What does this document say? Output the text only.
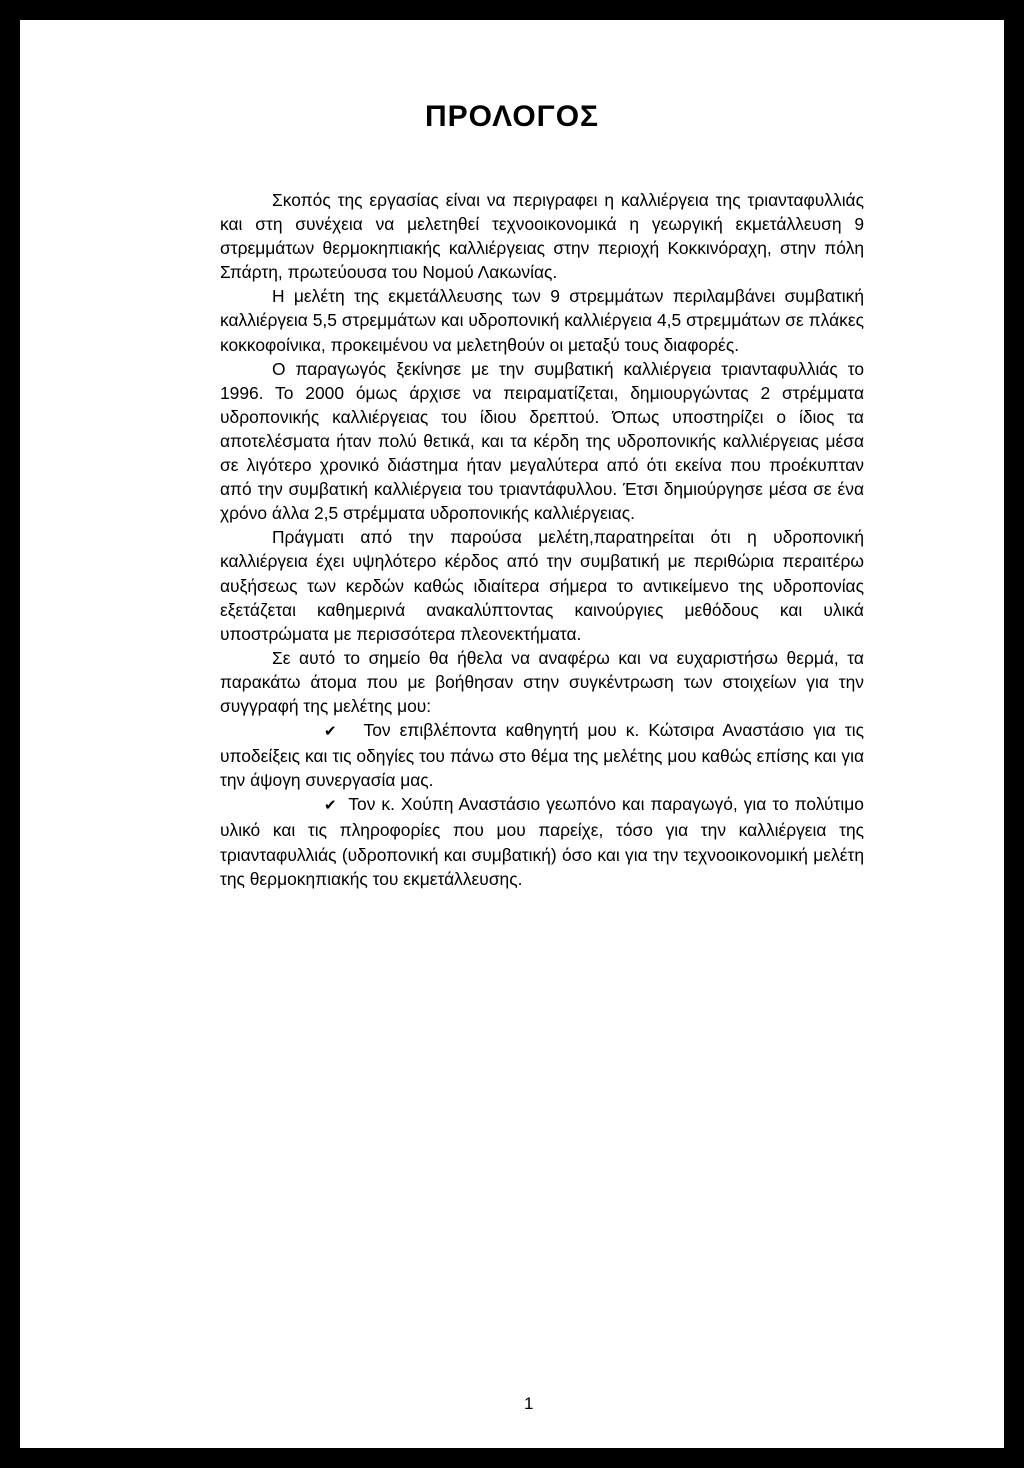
ΠΡΟΛΟΓΟΣ

Σκοπός της εργασίας είναι να περιγραφει η καλλιέργεια της τριανταφυλλιάς και στη συνέχεια να μελετηθεί τεχνοοικονομικά η γεωργική εκμετάλλευση 9 στρεμμάτων θερμοκηπιακής καλλιέργειας στην περιοχή Κοκκινόραχη, στην πόλη Σπάρτη, πρωτεύουσα του Νομού Λακωνίας.

Η μελέτη της εκμετάλλευσης των 9 στρεμμάτων περιλαμβάνει συμβατική καλλιέργεια 5,5 στρεμμάτων και υδροπονική καλλιέργεια 4,5 στρεμμάτων σε πλάκες κοκκοφοίνικα, προκειμένου να μελετηθούν οι μεταξύ τους διαφορές.

Ο παραγωγός ξεκίνησε με την συμβατική καλλιέργεια τριανταφυλλιάς το 1996. Το 2000 όμως άρχισε να πειραματίζεται, δημιουργώντας 2 στρέμματα υδροπονικής καλλιέργειας του ίδιου δρεπτού. Όπως υποστηρίζει ο ίδιος τα αποτελέσματα ήταν πολύ θετικά, και τα κέρδη της υδροπονικής καλλιέργειας μέσα σε λιγότερο χρονικό διάστημα ήταν μεγαλύτερα από ότι εκείνα που προέκυπταν από την συμβατική καλλιέργεια του τριαντάφυλλου. Έτσι δημιούργησε μέσα σε ένα χρόνο άλλα 2,5 στρέμματα υδροπονικής καλλιέργειας.

Πράγματι από την παρούσα μελέτη,παρατηρείται ότι η υδροπονική καλλιέργεια έχει υψηλότερο κέρδος από την συμβατική με περιθώρια περαιτέρω αυξήσεως των κερδών καθώς ιδιαίτερα σήμερα το αντικείμενο της υδροπονίας εξετάζεται καθημερινά ανακαλύπτοντας καινούργιες μεθόδους και υλικά υποστρώματα με περισσότερα πλεονεκτήματα.

Σε αυτό το σημείο θα ήθελα να αναφέρω και να ευχαριστήσω θερμά, τα παρακάτω άτομα που με βοήθησαν στην συγκέντρωση των στοιχείων για την συγγραφή της μελέτης μου:

✔ Τον επιβλέποντα καθηγητή μου κ. Κώτσιρα Αναστάσιο για τις υποδείξεις και τις οδηγίες του πάνω στο θέμα της μελέτης μου καθώς επίσης και για την άψογη συνεργασία μας.

✔ Τον κ. Χούπη Αναστάσιο γεωπόνο και παραγωγό, για το πολύτιμο υλικό και τις πληροφορίες που μου παρείχε, τόσο για την καλλιέργεια της τριανταφυλλιάς (υδροπονική και συμβατική) όσο και για την τεχνοοικονομική μελέτη της θερμοκηπιακής του εκμετάλλευσης.

1
